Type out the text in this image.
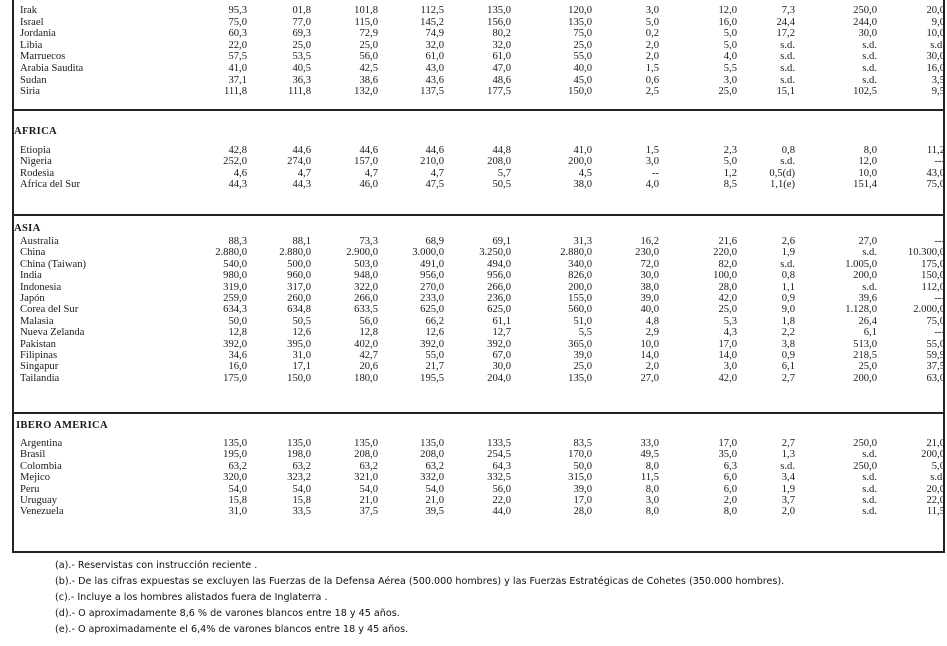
Irak	95,3	01,8	101,8	112,5	135,0	120,0	3,0	12,0	7,3	250,0	20,0
Israel	75,0	77,0	115,0	145,2	156,0	135,0	5,0	16,0	24,4	244,0	9,0
Jordania	60,3	69,3	72,9	74,9	80,2	75,0	0,2	5,0	17,2	30,0	10,0
Libia	22,0	25,0	25,0	32,0	32,0	25,0	2,0	5,0	s.d.	s.d.	s.d.
Marruecos	57,5	53,5	56,0	61,0	61,0	55,0	2,0	4,0	s.d.	s.d.	30,0
Arabia Saudita	41,0	40,5	42,5	43,0	47,0	40,0	1,5	5,5	s.d.	s.d.	16,0
Sudan	37,1	36,3	38,6	43,6	48,6	45,0	0,6	3,0	s.d.	s.d.	3,5
Siria	111,8	111,8	132,0	137,5	177,5	150,0	2,5	25,0	15,1	102,5	9,5
AFRICA
Etiopia	42,8	44,6	44,6	44,6	44,8	41,0	1,5	2,3	0,8	8,0	11,2
Nigeria	252,0	274,0	157,0	210,0	208,0	200,0	3,0	5,0	s.d.	12,0	---
Rodesia	4,6	4,7	4,7	4,7	5,7	4,5	--	1,2	0,5(d)	10,0	43,0
Africa del Sur	44,3	44,3	46,0	47,5	50,5	38,0	4,0	8,5	1,1(e)	151,4	75,0
ASIA
Australia	88,3	88,1	73,3	68,9	69,1	31,3	16,2	21,6	2,6	27,0	---
China	2.880,0	2.880,0	2.900,0	3.000,0	3.250,0	2.880,0	230,0	220,0	1,9	s.d.	10.300,0
China (Taiwan)	540,0	500,0	503,0	491,0	494,0	340,0	72,0	82,0	s.d.	1.005,0	175,0
India	980,0	960,0	948,0	956,0	956,0	826,0	30,0	100,0	0,8	200,0	150,0
Indonesia	319,0	317,0	322,0	270,0	266,0	200,0	38,0	28,0	1,1	s.d.	112,0
Japón	259,0	260,0	266,0	233,0	236,0	155,0	39,0	42,0	0,9	39,6	---
Corea del Sur	634,3	634,8	633,5	625,0	625,0	560,0	40,0	25,0	9,0	1.128,0	2.000,0
Malasia	50,0	50,5	56,0	66,2	61,1	51,0	4,8	5,3	1,8	26,4	75,0
Nueva Zelanda	12,8	12,6	12,8	12,6	12,7	5,5	2,9	4,3	2,2	6,1	---
Pakistan	392,0	395,0	402,0	392,0	392,0	365,0	10,0	17,0	3,8	513,0	55,0
Filipinas	34,6	31,0	42,7	55,0	67,0	39,0	14,0	14,0	0,9	218,5	59,9
Singapur	16,0	17,1	20,6	21,7	30,0	25,0	2,0	3,0	6,1	25,0	37,5
Tailandia	175,0	150,0	180,0	195,5	204,0	135,0	27,0	42,0	2,7	200,0	63,0
IBERO AMERICA
Argentina	135,0	135,0	135,0	135,0	133,5	83,5	33,0	17,0	2,7	250,0	21,0
Brasil	195,0	198,0	208,0	208,0	254,5	170,0	49,5	35,0	1,3	s.d.	200,0
Colombia	63,2	63,2	63,2	63,2	64,3	50,0	8,0	6,3	s.d.	250,0	5,0
Mejico	320,0	323,2	321,0	332,0	332,5	315,0	11,5	6,0	3,4	s.d.	s.d.
Peru	54,0	54,0	54,0	54,0	56,0	39,0	8,0	6,0	1,9	s.d.	20,0
Uruguay	15,8	15,8	21,0	21,0	22,0	17,0	3,0	2,0	3,7	s.d.	22,0
Venezuela	31,0	33,5	37,5	39,5	44,0	28,0	8,0	8,0	2,0	s.d.	11,5
(a).- Reservistas con instrucción reciente .
(b).- De las cifras expuestas se excluyen las Fuerzas de la Defensa Aérea (500.000 hombres) y las Fuerzas Estratégicas de Cohetes (350.000 hombres).
(c).- Incluye a los hombres alistados fuera de Inglaterra .
(d).- O aproximadamente 8,6 % de varones blancos entre 18 y 45 años.
(e).- O aproximadamente el 6,4% de varones blancos entre 18 y 45 años.
